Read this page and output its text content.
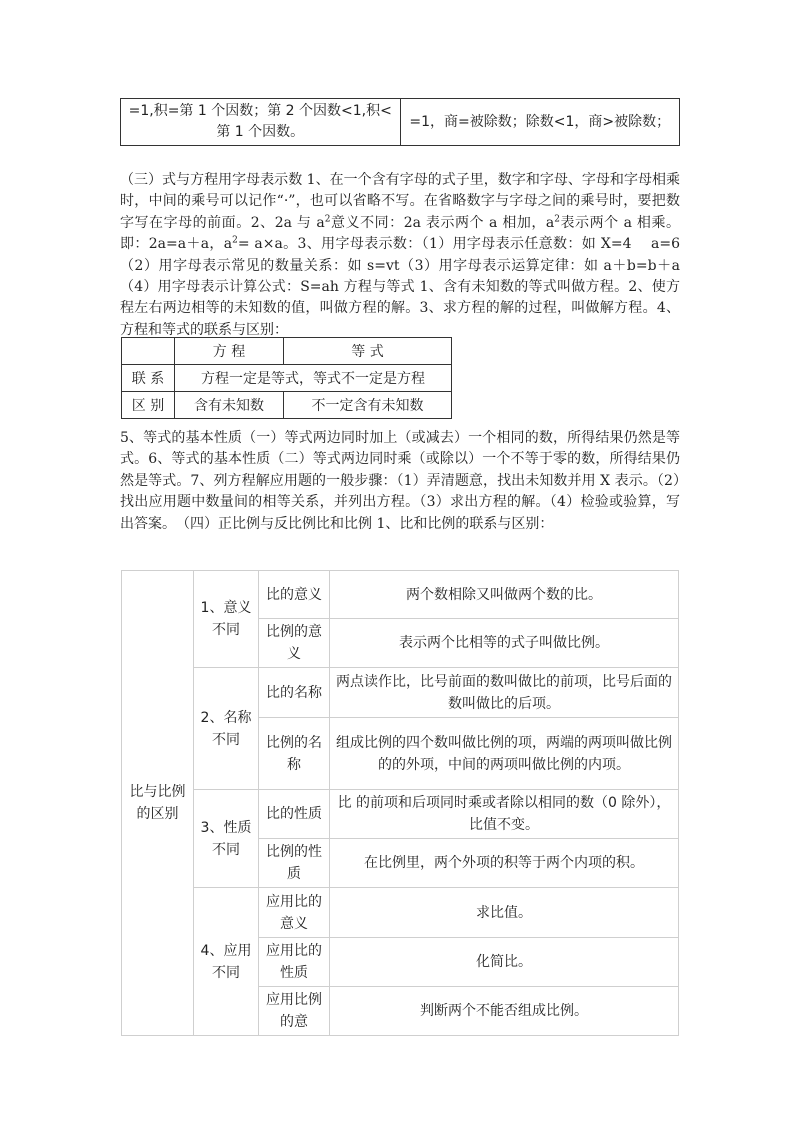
=1,积=第 1 个因数；第 2 个因数<1,积<第 1 个因数。	=1，商=被除数；除数<1，商>被除数；

（三）式与方程用字母表示数 1、在一个含有字母的式子里，数字和字母、字母和字母相乘时，中间的乘号可以记作“·”，也可以省略不写。在省略数字与字母之间的乘号时，要把数字写在字母的前面。2、2a 与 $a^2$意义不同：2a 表示两个 a 相加，$a^2$表示两个 a 相乘。即：2a=a＋a，$a^2= a\times a$。3、用字母表示数：（1）用字母表示任意数：如 X=4　 a=6（2）用字母表示常见的数量关系：如 s=vt（3）用字母表示运算定律：如 a＋b=b＋a（4）用字母表示计算公式：S=ah 方程与等式 1、含有未知数的等式叫做方程。2、使方程左右两边相等的未知数的值，叫做方程的解。3、求方程的解的过程，叫做解方程。4、方程和等式的联系与区别：

	方 程	等 式
联 系	方程一定是等式，等式不一定是方程	
区 别	含有未知数	不一定含有未知数

5、等式的基本性质（一）等式两边同时加上（或减去）一个相同的数，所得结果仍然是等式。6、等式的基本性质（二）等式两边同时乘（或除以）一个不等于零的数，所得结果仍然是等式。7、列方程解应用题的一般步骤：（1）弄清题意，找出未知数并用 X 表示。（2）找出应用题中数量间的相等关系，并列出方程。（3）求出方程的解。（4）检验或验算，写出答案。　（四）正比例与反比例比和比例 1、比和比例的联系与区别：

比与比例的区别	1、意义不同	比的意义	两个数相除又叫做两个数的比。
		比例的意义	表示两个比相等的式子叫做比例。
	2、名称不同	比的名称	两点读作比，比号前面的数叫做比的前项，比号后面的数叫做比的后项。
		比例的名称	组成比例的四个数叫做比例的项，两端的两项叫做比例的的外项，中间的两项叫做比例的内项。
	3、性质不同	比的性质	比 的前项和后项同时乘或者除以相同的数（0 除外），比值不变。
		比例的性质	在比例里，两个外项的积等于两个内项的积。
	4、应用不同	应用比的意义	求比值。
		应用比的性质	化简比。
		应用比例的意	判断两个不能否组成比例。
